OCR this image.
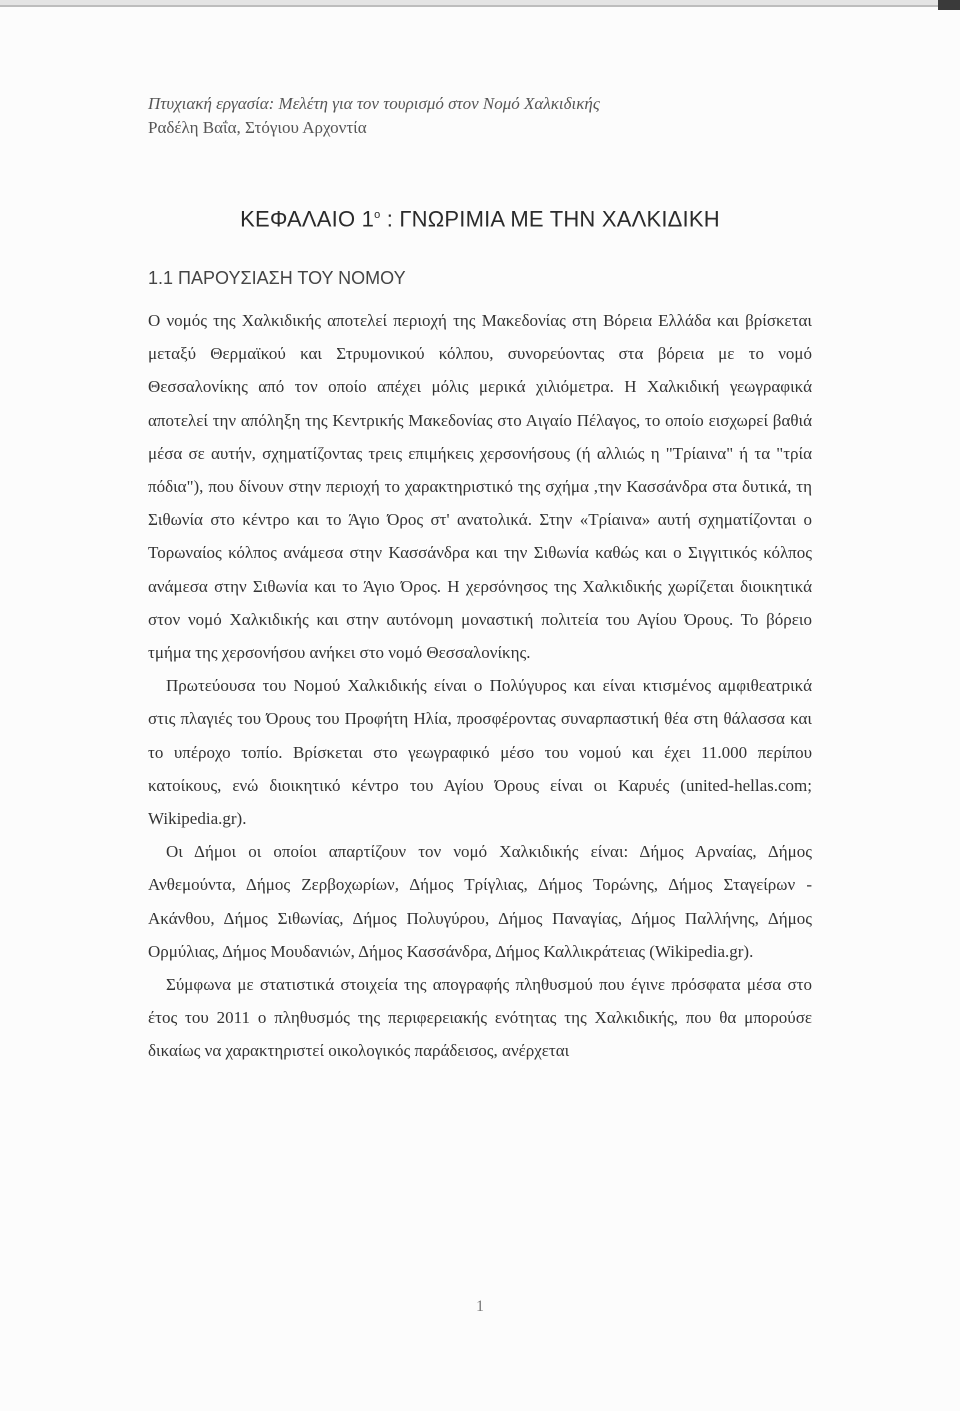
Πτυχιακή εργασία: Μελέτη για τον τουρισμό στον Νομό Χαλκιδικής
Ραδέλη Βαΐα, Στόγιου Αρχοντία
ΚΕΦΑΛΑΙΟ $1^o$ : ΓΝΩΡΙΜΙΑ ΜΕ ΤΗΝ ΧΑΛΚΙΔΙΚΗ
1.1 ΠΑΡΟΥΣΙΑΣΗ ΤΟΥ ΝΟΜΟΥ

Ο νομός της Χαλκιδικής αποτελεί περιοχή της Μακεδονίας στη Βόρεια Ελλάδα και βρίσκεται μεταξύ Θερμαϊκού και Στρυμονικού κόλπου, συνορεύοντας στα βόρεια με το νομό Θεσσαλονίκης από τον οποίο απέχει μόλις μερικά χιλιόμετρα. Η Χαλκιδική γεωγραφικά αποτελεί την απόληξη της Κεντρικής Μακεδονίας στο Αιγαίο Πέλαγος, το οποίο εισχωρεί βαθιά μέσα σε αυτήν, σχηματίζοντας τρεις επιμήκεις χερσονήσους (ή αλλιώς η "Τρίαινα" ή τα "τρία πόδια"), που δίνουν στην περιοχή το χαρακτηριστικό της σχήμα ,την Κασσάνδρα στα δυτικά, τη Σιθωνία στο κέντρο και το Άγιο Όρος στ' ανατολικά. Στην «Τρίαινα» αυτή σχηματίζονται ο Τορωναίος κόλπος ανάμεσα στην Κασσάνδρα και την Σιθωνία καθώς και ο Σιγγιτικός κόλπος ανάμεσα στην Σιθωνία και το Άγιο Όρος. Η χερσόνησος της Χαλκιδικής χωρίζεται διοικητικά στον νομό Χαλκιδικής και στην αυτόνομη μοναστική πολιτεία του Αγίου Όρους. Το βόρειο τμήμα της χερσονήσου ανήκει στο νομό Θεσσαλονίκης.

Πρωτεύουσα του Νομού Χαλκιδικής είναι ο Πολύγυρος και είναι κτισμένος αμφιθεατρικά στις πλαγιές του Όρους του Προφήτη Ηλία, προσφέροντας συναρπαστική θέα στη θάλασσα και το υπέροχο τοπίο. Βρίσκεται στο γεωγραφικό μέσο του νομού και έχει 11.000 περίπου κατοίκους, ενώ διοικητικό κέντρο του Αγίου Όρους είναι οι Καρυές (united-hellas.com; Wikipedia.gr).

Οι Δήμοι οι οποίοι απαρτίζουν τον νομό Χαλκιδικής είναι: Δήμος Αρναίας, Δήμος Ανθεμούντα, Δήμος Ζερβοχωρίων, Δήμος Τρίγλιας, Δήμος Τορώνης, Δήμος Σταγείρων - Ακάνθου, Δήμος Σιθωνίας, Δήμος Πολυγύρου, Δήμος Παναγίας, Δήμος Παλλήνης, Δήμος Ορμύλιας, Δήμος Μουδανιών, Δήμος Κασσάνδρα, Δήμος Καλλικράτειας (Wikipedia.gr).

Σύμφωνα με στατιστικά στοιχεία της απογραφής πληθυσμού που έγινε πρόσφατα μέσα στο έτος του 2011 ο πληθυσμός της περιφερειακής ενότητας της Χαλκιδικής, που θα μπορούσε δικαίως να χαρακτηριστεί οικολογικός παράδεισος, ανέρχεται

1
